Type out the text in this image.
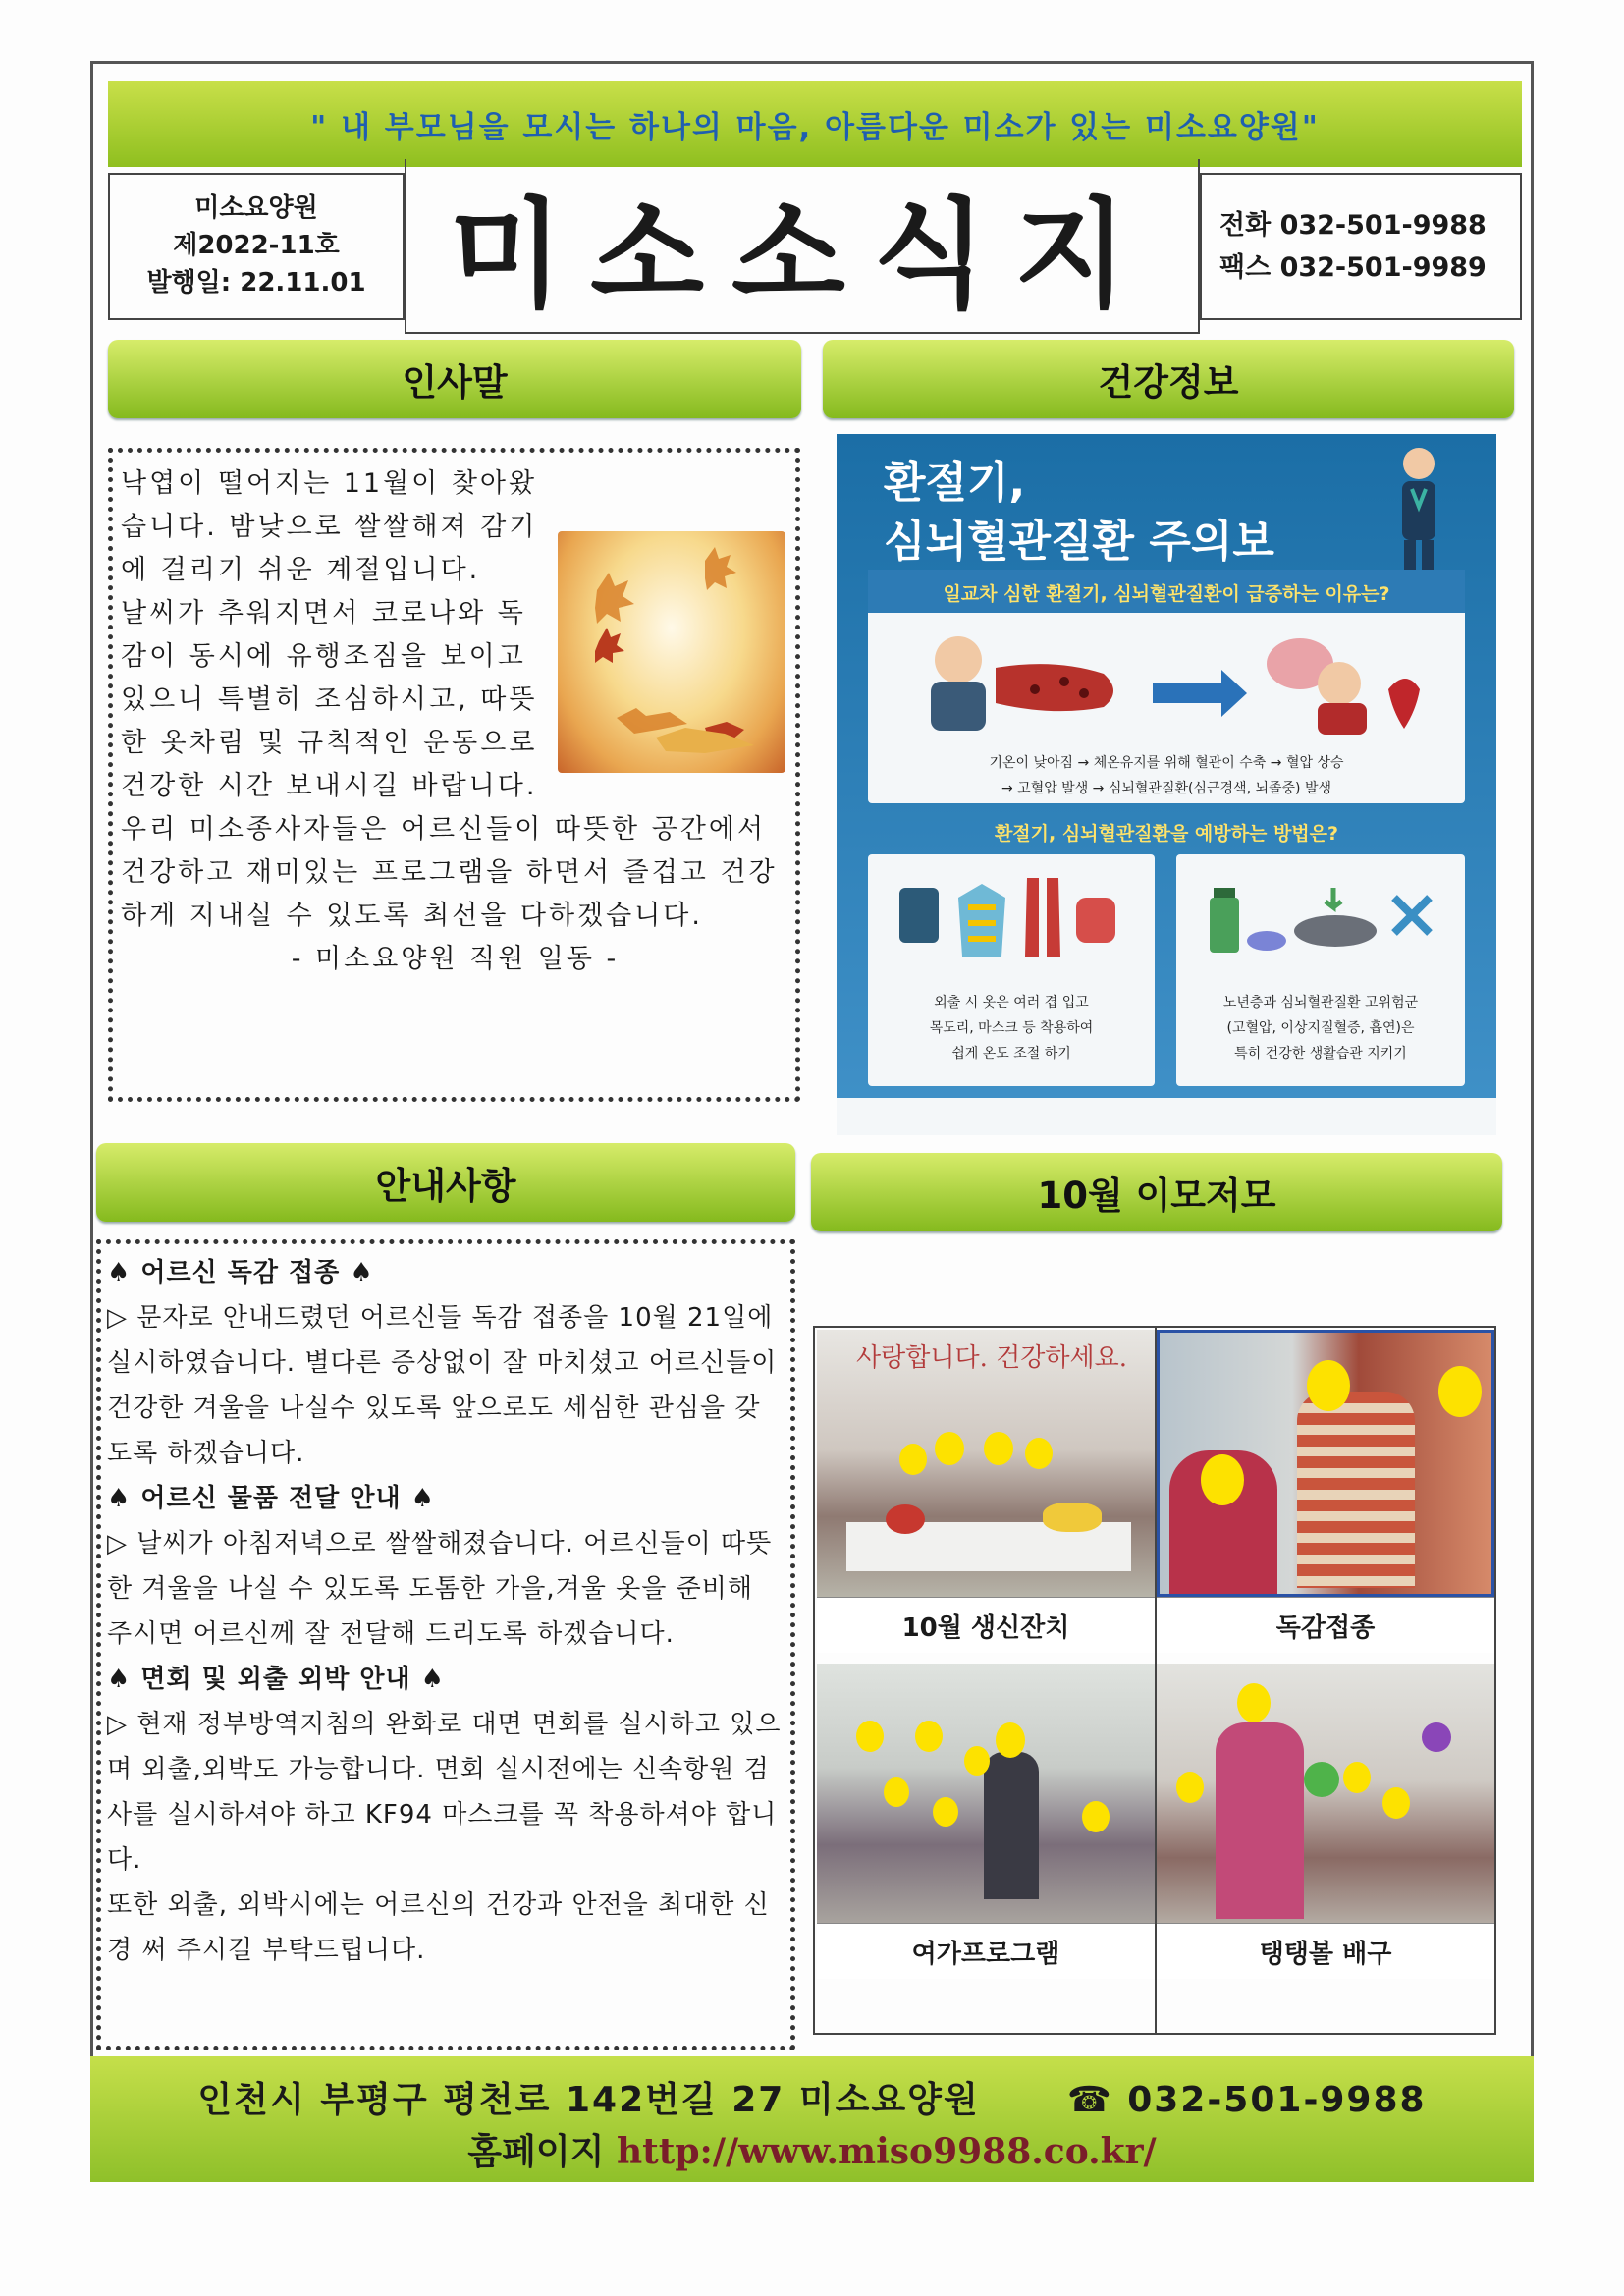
" 내 부모님을 모시는 하나의 마음, 아름다운 미소가 있는 미소요양원"
미소요양원
제2022-11호
발행일: 22.11.01 미소소식지	전화 032-501-9988
팩스 032-501-9989
인사말

낙엽이 떨어지는 11월이 찾아왔습니다. 밤낮으로 쌀쌀해져 감기에 걸리기 쉬운 계절입니다.

날씨가 추워지면서 코로나와 독감이 동시에 유행조짐을 보이고 있으니 특별히 조심하시고, 따뜻한 옷차림 및 규칙적인 운동으로 건강한 시간 보내시길 바랍니다.

우리 미소종사자들은 어르신들이 따뜻한 공간에서 건강하고 재미있는 프로그램을 하면서 즐겁고 건강하게 지내실 수 있도록 최선을 다하겠습니다.

- 미소요양원 직원 일동 -

건강정보
환절기,
심뇌혈관질환 주의보
일교차 심한 환절기, 심뇌혈관질환이 급증하는 이유는?
기온이 낮아짐 → 체온유지를 위해 혈관이 수축 → 혈압 상승
→ 고혈압 발생 → 심뇌혈관질환(심근경색, 뇌졸중) 발생
환절기, 심뇌혈관질환을 예방하는 방법은?
외출 시 옷은 여러 겹 입고
목도리, 마스크 등 착용하여
쉽게 온도 조절 하기
노년층과 심뇌혈관질환 고위험군
(고혈압, 이상지질혈증, 흡연)은
특히 건강한 생활습관 지키기
안내사항

♠ 어르신 독감 접종 ♠

▷ 문자로 안내드렸던 어르신들 독감 접종을 10월 21일에 실시하였습니다. 별다른 증상없이 잘 마치셨고 어르신들이 건강한 겨울을 나실수 있도록 앞으로도 세심한 관심을 갖도록 하겠습니다.

♠ 어르신 물품 전달 안내 ♠

▷ 날씨가 아침저녁으로 쌀쌀해졌습니다. 어르신들이 따뜻한 겨울을 나실 수 있도록 도톰한 가을,겨울 옷을 준비해 주시면 어르신께 잘 전달해 드리도록 하겠습니다.

♠ 면회 및 외출 외박 안내 ♠

▷ 현재 정부방역지침의 완화로 대면 면회를 실시하고 있으며 외출,외박도 가능합니다. 면회 실시전에는 신속항원 검사를 실시하셔야 하고 KF94 마스크를 꼭 착용하셔야 합니다.

또한 외출, 외박시에는 어르신의 건강과 안전을 최대한 신경 써 주시길 부탁드립니다.

10월 이모저모
사랑합니다. 건강하세요.
10월 생신잔치	독감접종
여가프로그램	탱탱볼 배구
인천시 부평구 평천로 142번길 27 미소요양원 ☎ 032-501-9988
홈페이지 http://www.miso9988.co.kr/
